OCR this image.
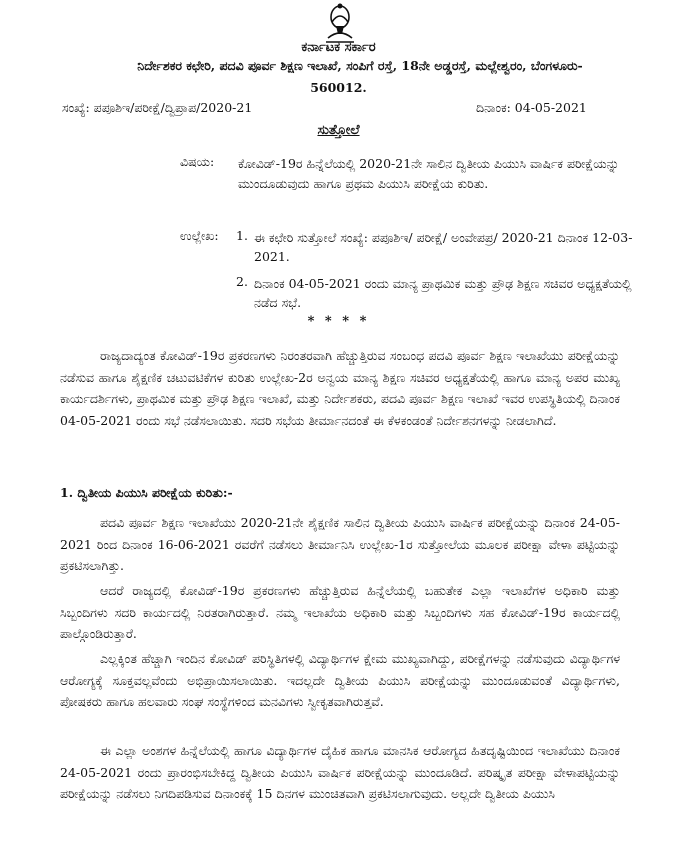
ಕರ್ನಾಟಕ ಸರ್ಕಾರ
ನಿರ್ದೇಶಕರ ಕಛೇರಿ, ಪದವಿ ಪೂರ್ವ ಶಿಕ್ಷಣ ಇಲಾಖೆ, ಸಂಪಿಗೆ ರಸ್ತೆ, 18ನೇ ಅಡ್ಡರಸ್ತೆ, ಮಲ್ಲೇಶ್ವರಂ, ಬೆಂಗಳೂರು-
560012.
ಸಂಖ್ಯೆ: ಪಪೂಶಿಇ/ಪರೀಕ್ಷೆ/ದ್ವಿಪ್ರಾಪ/2020-21	ದಿನಾಂಕ: 04-05-2021
ಸುತ್ತೋಲೆ
ವಿಷಯ: ಕೋವಿಡ್-19ರ ಹಿನ್ನೆಲೆಯಲ್ಲಿ 2020-21ನೇ ಸಾಲಿನ ದ್ವಿತೀಯ ಪಿಯುಸಿ ವಾರ್ಷಿಕ ಪರೀಕ್ಷೆಯನ್ನು ಮುಂದೂಡುವುದು ಹಾಗೂ ಪ್ರಥಮ ಪಿಯುಸಿ ಪರೀಕ್ಷೆಯ ಕುರಿತು.
ಉಲ್ಲೇಖ: 1. ಈ ಕಛೇರಿ ಸುತ್ತೋಲೆ ಸಂಖ್ಯೆ: ಪಪೂಶಿಇ/ ಪರೀಕ್ಷೆ/ ಅಂವೇಪಪ್ರ/ 2020-21 ದಿನಾಂಕ 12-03-2021.
2. ದಿನಾಂಕ 04-05-2021 ರಂದು ಮಾನ್ಯ ಪ್ರಾಥಮಿಕ ಮತ್ತು ಪ್ರೌಢ ಶಿಕ್ಷಣ ಸಚಿವರ ಅಧ್ಯಕ್ಷತೆಯಲ್ಲಿ ನಡೆದ ಸಭೆ.
* * * *
ರಾಜ್ಯದಾದ್ಯಂತ ಕೋವಿಡ್-19ರ ಪ್ರಕರಣಗಳು ನಿರಂತರವಾಗಿ ಹೆಚ್ಚುತ್ತಿರುವ ಸಂಬಂಧ ಪದವಿ ಪೂರ್ವ ಶಿಕ್ಷಣ ಇಲಾಖೆಯು ಪರೀಕ್ಷೆಯನ್ನು ನಡೆಸುವ ಹಾಗೂ ಶೈಕ್ಷಣಿಕ ಚಟುವಟಿಕೆಗಳ ಕುರಿತು ಉಲ್ಲೇಖ-2ರ ಅನ್ವಯ ಮಾನ್ಯ ಶಿಕ್ಷಣ ಸಚಿವರ ಅಧ್ಯಕ್ಷತೆಯಲ್ಲಿ ಹಾಗೂ ಮಾನ್ಯ ಅಪರ ಮುಖ್ಯ ಕಾರ್ಯದರ್ಶಿಗಳು, ಪ್ರಾಥಮಿಕ ಮತ್ತು ಪ್ರೌಢ ಶಿಕ್ಷಣ ಇಲಾಖೆ, ಮತ್ತು ನಿರ್ದೇಶಕರು, ಪದವಿ ಪೂರ್ವ ಶಿಕ್ಷಣ ಇಲಾಖೆ ಇವರ ಉಪಸ್ಥಿತಿಯಲ್ಲಿ ದಿನಾಂಕ 04-05-2021 ರಂದು ಸಭೆ ನಡೆಸಲಾಯಿತು. ಸದರಿ ಸಭೆಯ ತೀರ್ಮಾನದಂತೆ ಈ ಕೆಳಕಂಡಂತೆ ನಿರ್ದೇಶನಗಳನ್ನು ನೀಡಲಾಗಿದೆ.
1. ದ್ವಿತೀಯ ಪಿಯುಸಿ ಪರೀಕ್ಷೆಯ ಕುರಿತು:-
ಪದವಿ ಪೂರ್ವ ಶಿಕ್ಷಣ ಇಲಾಖೆಯು 2020-21ನೇ ಶೈಕ್ಷಣಿಕ ಸಾಲಿನ ದ್ವಿತೀಯ ಪಿಯುಸಿ ವಾರ್ಷಿಕ ಪರೀಕ್ಷೆಯನ್ನು ದಿನಾಂಕ 24-05-2021 ರಿಂದ ದಿನಾಂಕ 16-06-2021 ರವರೆಗೆ ನಡೆಸಲು ತೀರ್ಮಾನಿಸಿ ಉಲ್ಲೇಖ-1ರ ಸುತ್ತೋಲೆಯ ಮೂಲಕ ಪರೀಕ್ಷಾ ವೇಳಾ ಪಟ್ಟಿಯನ್ನು ಪ್ರಕಟಿಸಲಾಗಿತ್ತು.
ಆದರೆ ರಾಜ್ಯದಲ್ಲಿ ಕೋವಿಡ್-19ರ ಪ್ರಕರಣಗಳು ಹೆಚ್ಚುತ್ತಿರುವ ಹಿನ್ನೆಲೆಯಲ್ಲಿ ಬಹುತೇಕ ಎಲ್ಲಾ ಇಲಾಖೆಗಳ ಅಧಿಕಾರಿ ಮತ್ತು ಸಿಬ್ಬಂದಿಗಳು ಸದರಿ ಕಾರ್ಯದಲ್ಲಿ ನಿರತರಾಗಿರುತ್ತಾರೆ. ನಮ್ಮ ಇಲಾಖೆಯ ಅಧಿಕಾರಿ ಮತ್ತು ಸಿಬ್ಬಂದಿಗಳು ಸಹ ಕೋವಿಡ್-19ರ ಕಾರ್ಯದಲ್ಲಿ ಪಾಲ್ಗೊಂಡಿರುತ್ತಾರೆ.
ಎಲ್ಲಕ್ಕಿಂತ ಹೆಚ್ಚಾಗಿ ಇಂದಿನ ಕೋವಿಡ್ ಪರಿಸ್ಥಿತಿಗಳಲ್ಲಿ ವಿದ್ಯಾರ್ಥಿಗಳ ಕ್ಷೇಮ ಮುಖ್ಯವಾಗಿದ್ದು, ಪರೀಕ್ಷೆಗಳನ್ನು ನಡೆಸುವುದು ವಿದ್ಯಾರ್ಥಿಗಳ ಆರೋಗ್ಯಕ್ಕೆ ಸೂಕ್ತವಲ್ಲವೆಂದು ಅಭಿಪ್ರಾಯಿಸಲಾಯಿತು. ಇದಲ್ಲದೇ ದ್ವಿತೀಯ ಪಿಯುಸಿ ಪರೀಕ್ಷೆಯನ್ನು ಮುಂದೂಡುವಂತೆ ವಿದ್ಯಾರ್ಥಿಗಳು, ಪೋಷಕರು ಹಾಗೂ ಹಲವಾರು ಸಂಘ ಸಂಸ್ಥೆಗಳಿಂದ ಮನವಿಗಳು ಸ್ವೀಕೃತವಾಗಿರುತ್ತವೆ.
ಈ ಎಲ್ಲಾ ಅಂಶಗಳ ಹಿನ್ನೆಲೆಯಲ್ಲಿ ಹಾಗೂ ವಿದ್ಯಾರ್ಥಿಗಳ ದೈಹಿಕ ಹಾಗೂ ಮಾನಸಿಕ ಆರೋಗ್ಯದ ಹಿತದೃಷ್ಟಿಯಿಂದ ಇಲಾಖೆಯು ದಿನಾಂಕ 24-05-2021 ರಂದು ಪ್ರಾರಂಭಿಸಬೇಕಿದ್ದ ದ್ವಿತೀಯ ಪಿಯುಸಿ ವಾರ್ಷಿಕ ಪರೀಕ್ಷೆಯನ್ನು ಮುಂದೂಡಿದೆ. ಪರಿಷ್ಕೃತ ಪರೀಕ್ಷಾ ವೇಳಾಪಟ್ಟಿಯನ್ನು ಪರೀಕ್ಷೆಯನ್ನು ನಡೆಸಲು ನಿಗದಿಪಡಿಸುವ ದಿನಾಂಕಕ್ಕೆ 15 ದಿನಗಳ ಮುಂಚಿತವಾಗಿ ಪ್ರಕಟಿಸಲಾಗುವುದು. ಅಲ್ಲದೇ ದ್ವಿತೀಯ ಪಿಯುಸಿ
